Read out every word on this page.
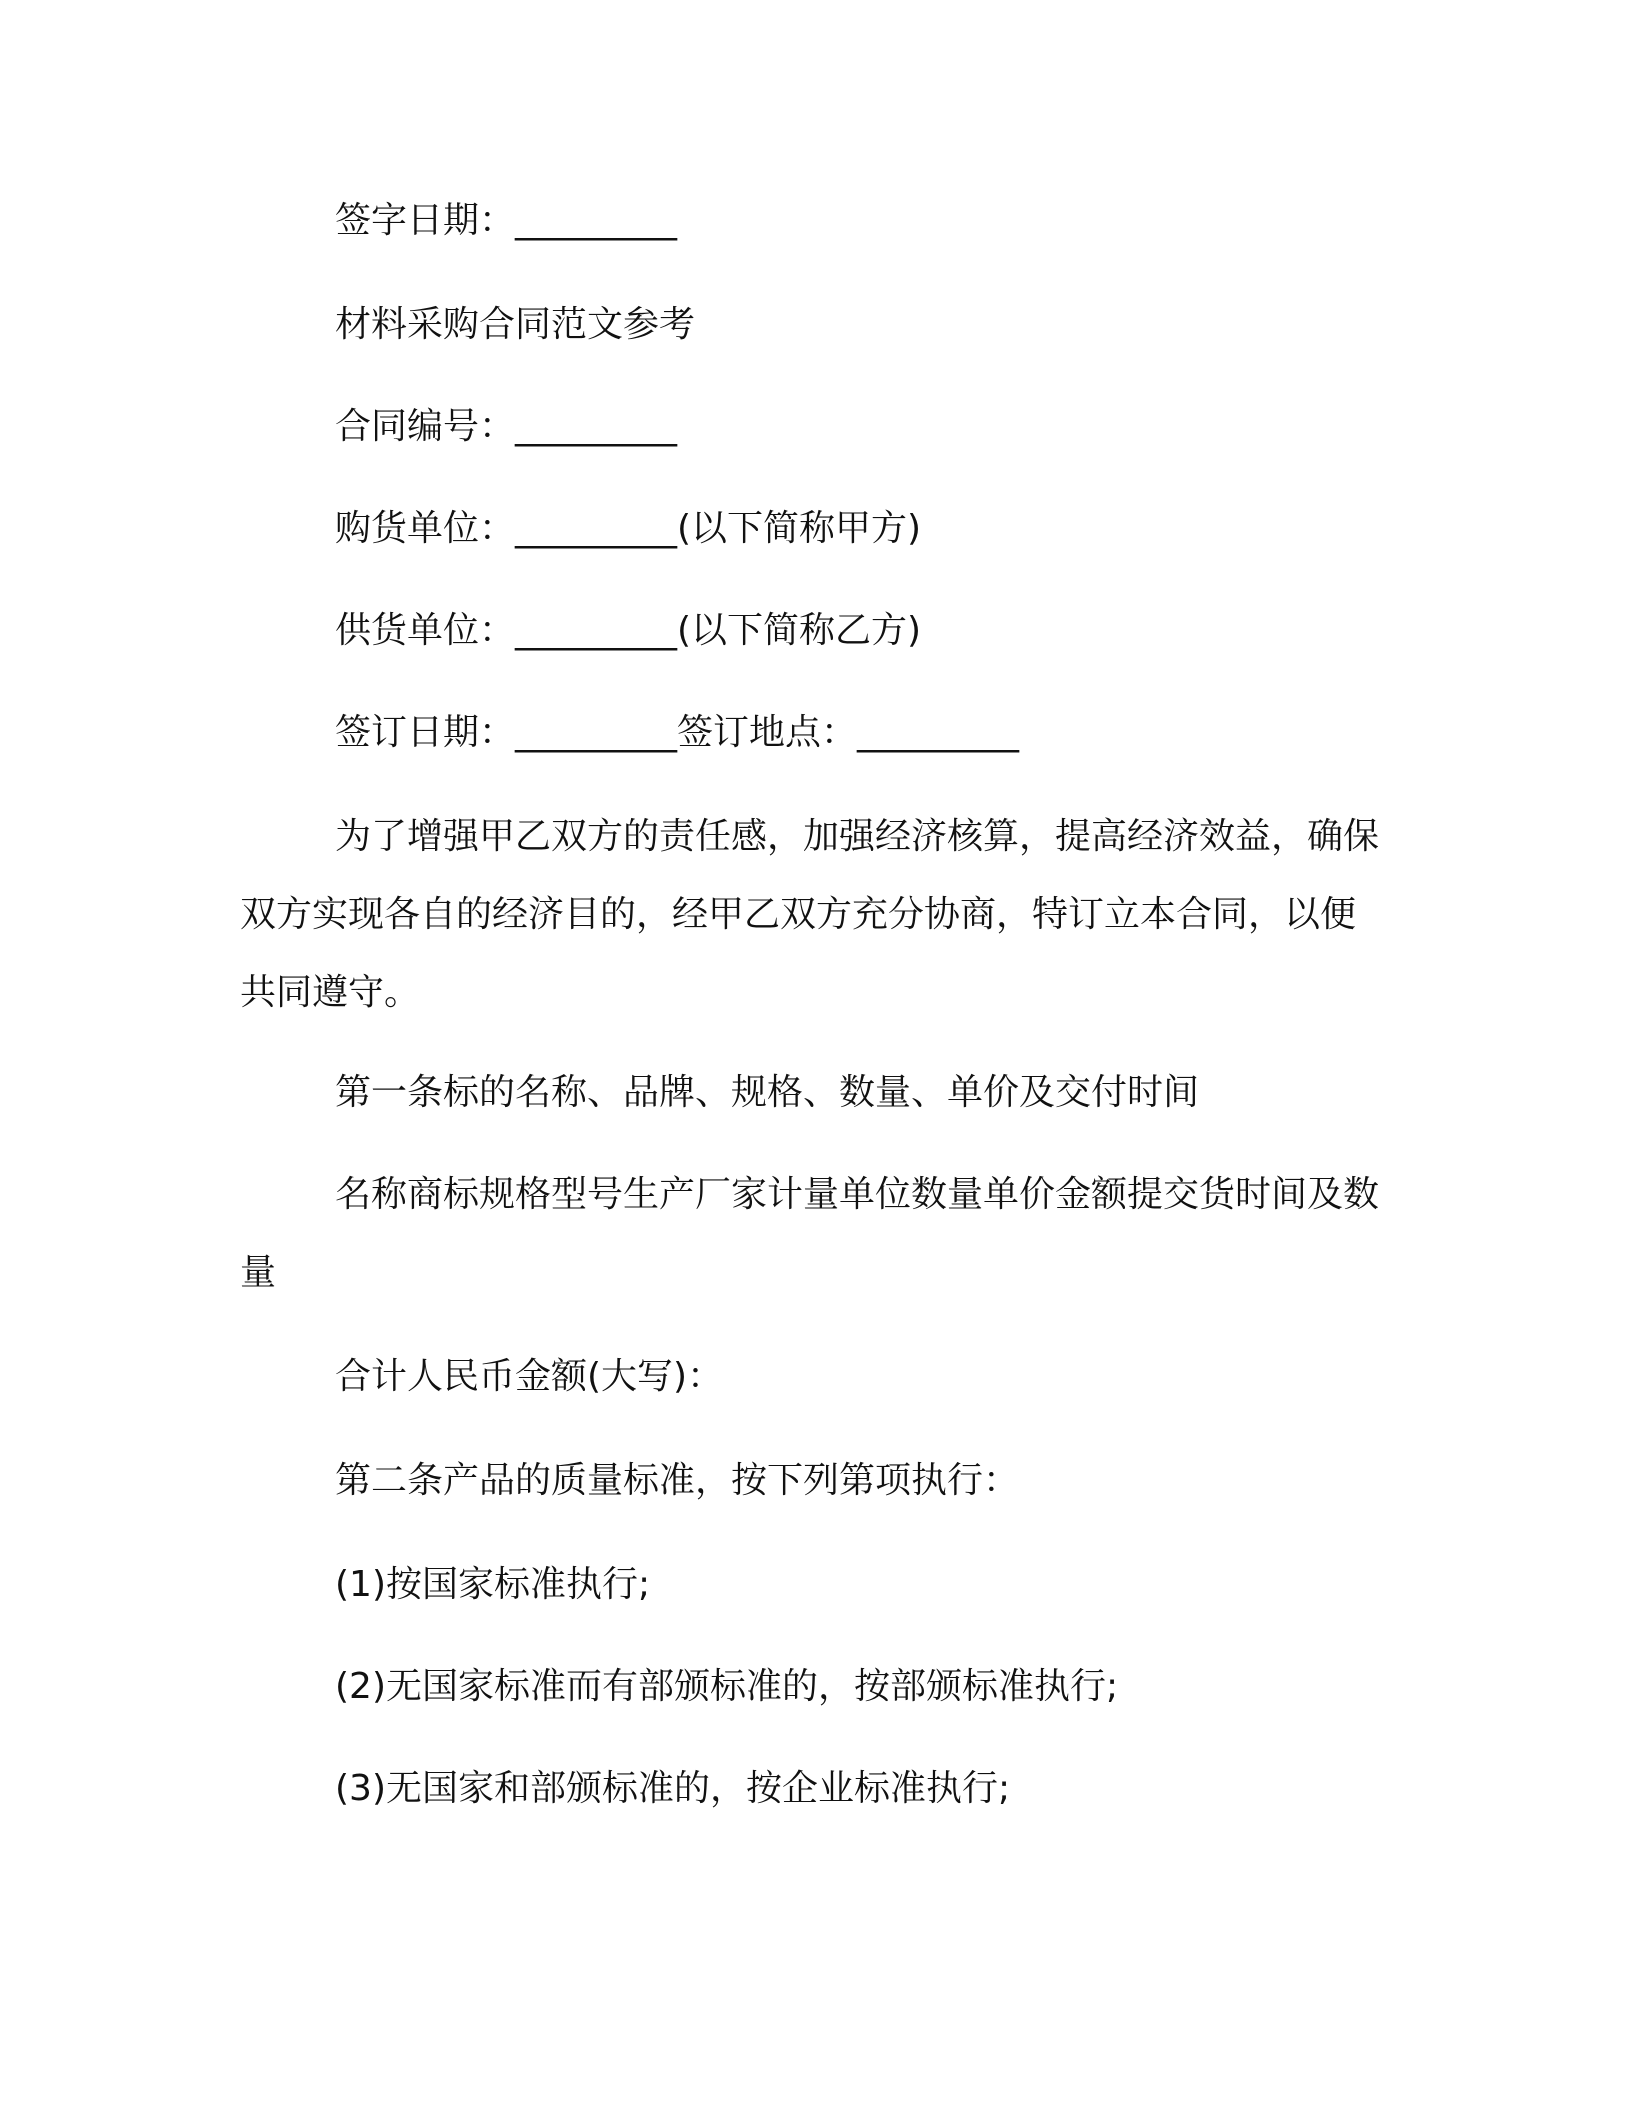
签字日期：_________
材料采购合同范文参考
合同编号：_________
购货单位：_________(以下简称甲方)
供货单位：_________(以下简称乙方)
签订日期：_________签订地点：_________
为了增强甲乙双方的责任感，加强经济核算，提高经济效益，确保双方实现各自的经济目的，经甲乙双方充分协商，特订立本合同，以便共同遵守。
第一条标的名称、品牌、规格、数量、单价及交付时间
名称商标规格型号生产厂家计量单位数量单价金额提交货时间及数量
合计人民币金额(大写)：
第二条产品的质量标准，按下列第项执行：
(1)按国家标准执行;
(2)无国家标准而有部颁标准的，按部颁标准执行;
(3)无国家和部颁标准的，按企业标准执行;
